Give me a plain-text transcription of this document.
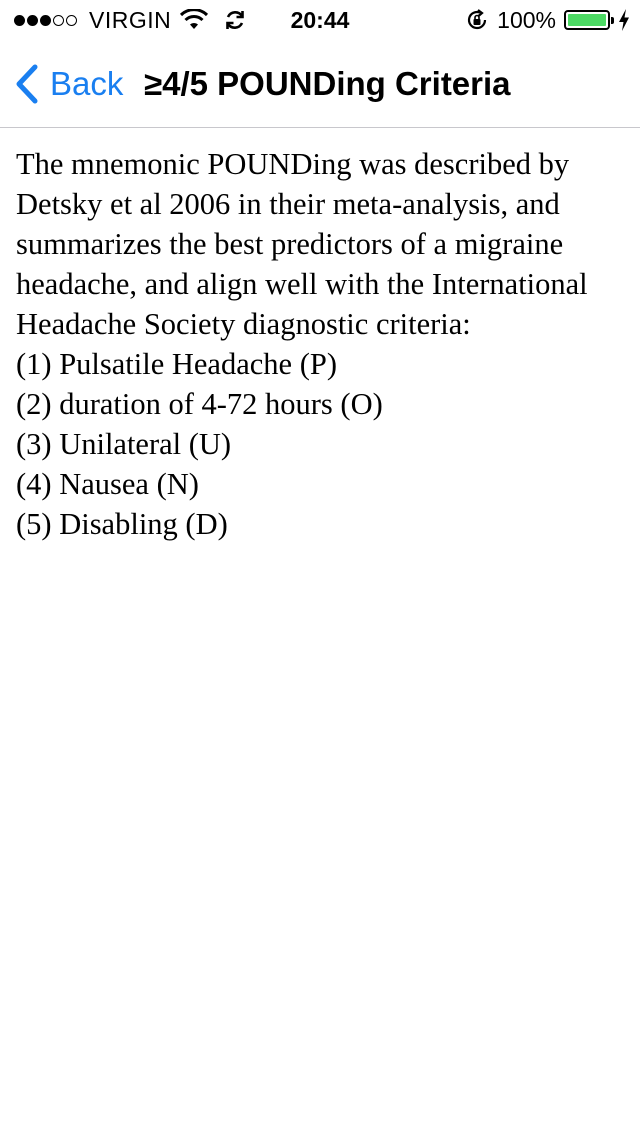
VIRGIN	20:44	100%
Back ≥4/5 POUNDing Criteria

The mnemonic POUNDing was described by Detsky et al 2006 in their meta-analysis, and summarizes the best predictors of a migraine headache, and align well with the International Headache Society diagnostic criteria:

(1) Pulsatile Headache (P)
(2) duration of 4-72 hours (O)
(3) Unilateral (U)
(4) Nausea (N)
(5) Disabling (D)
